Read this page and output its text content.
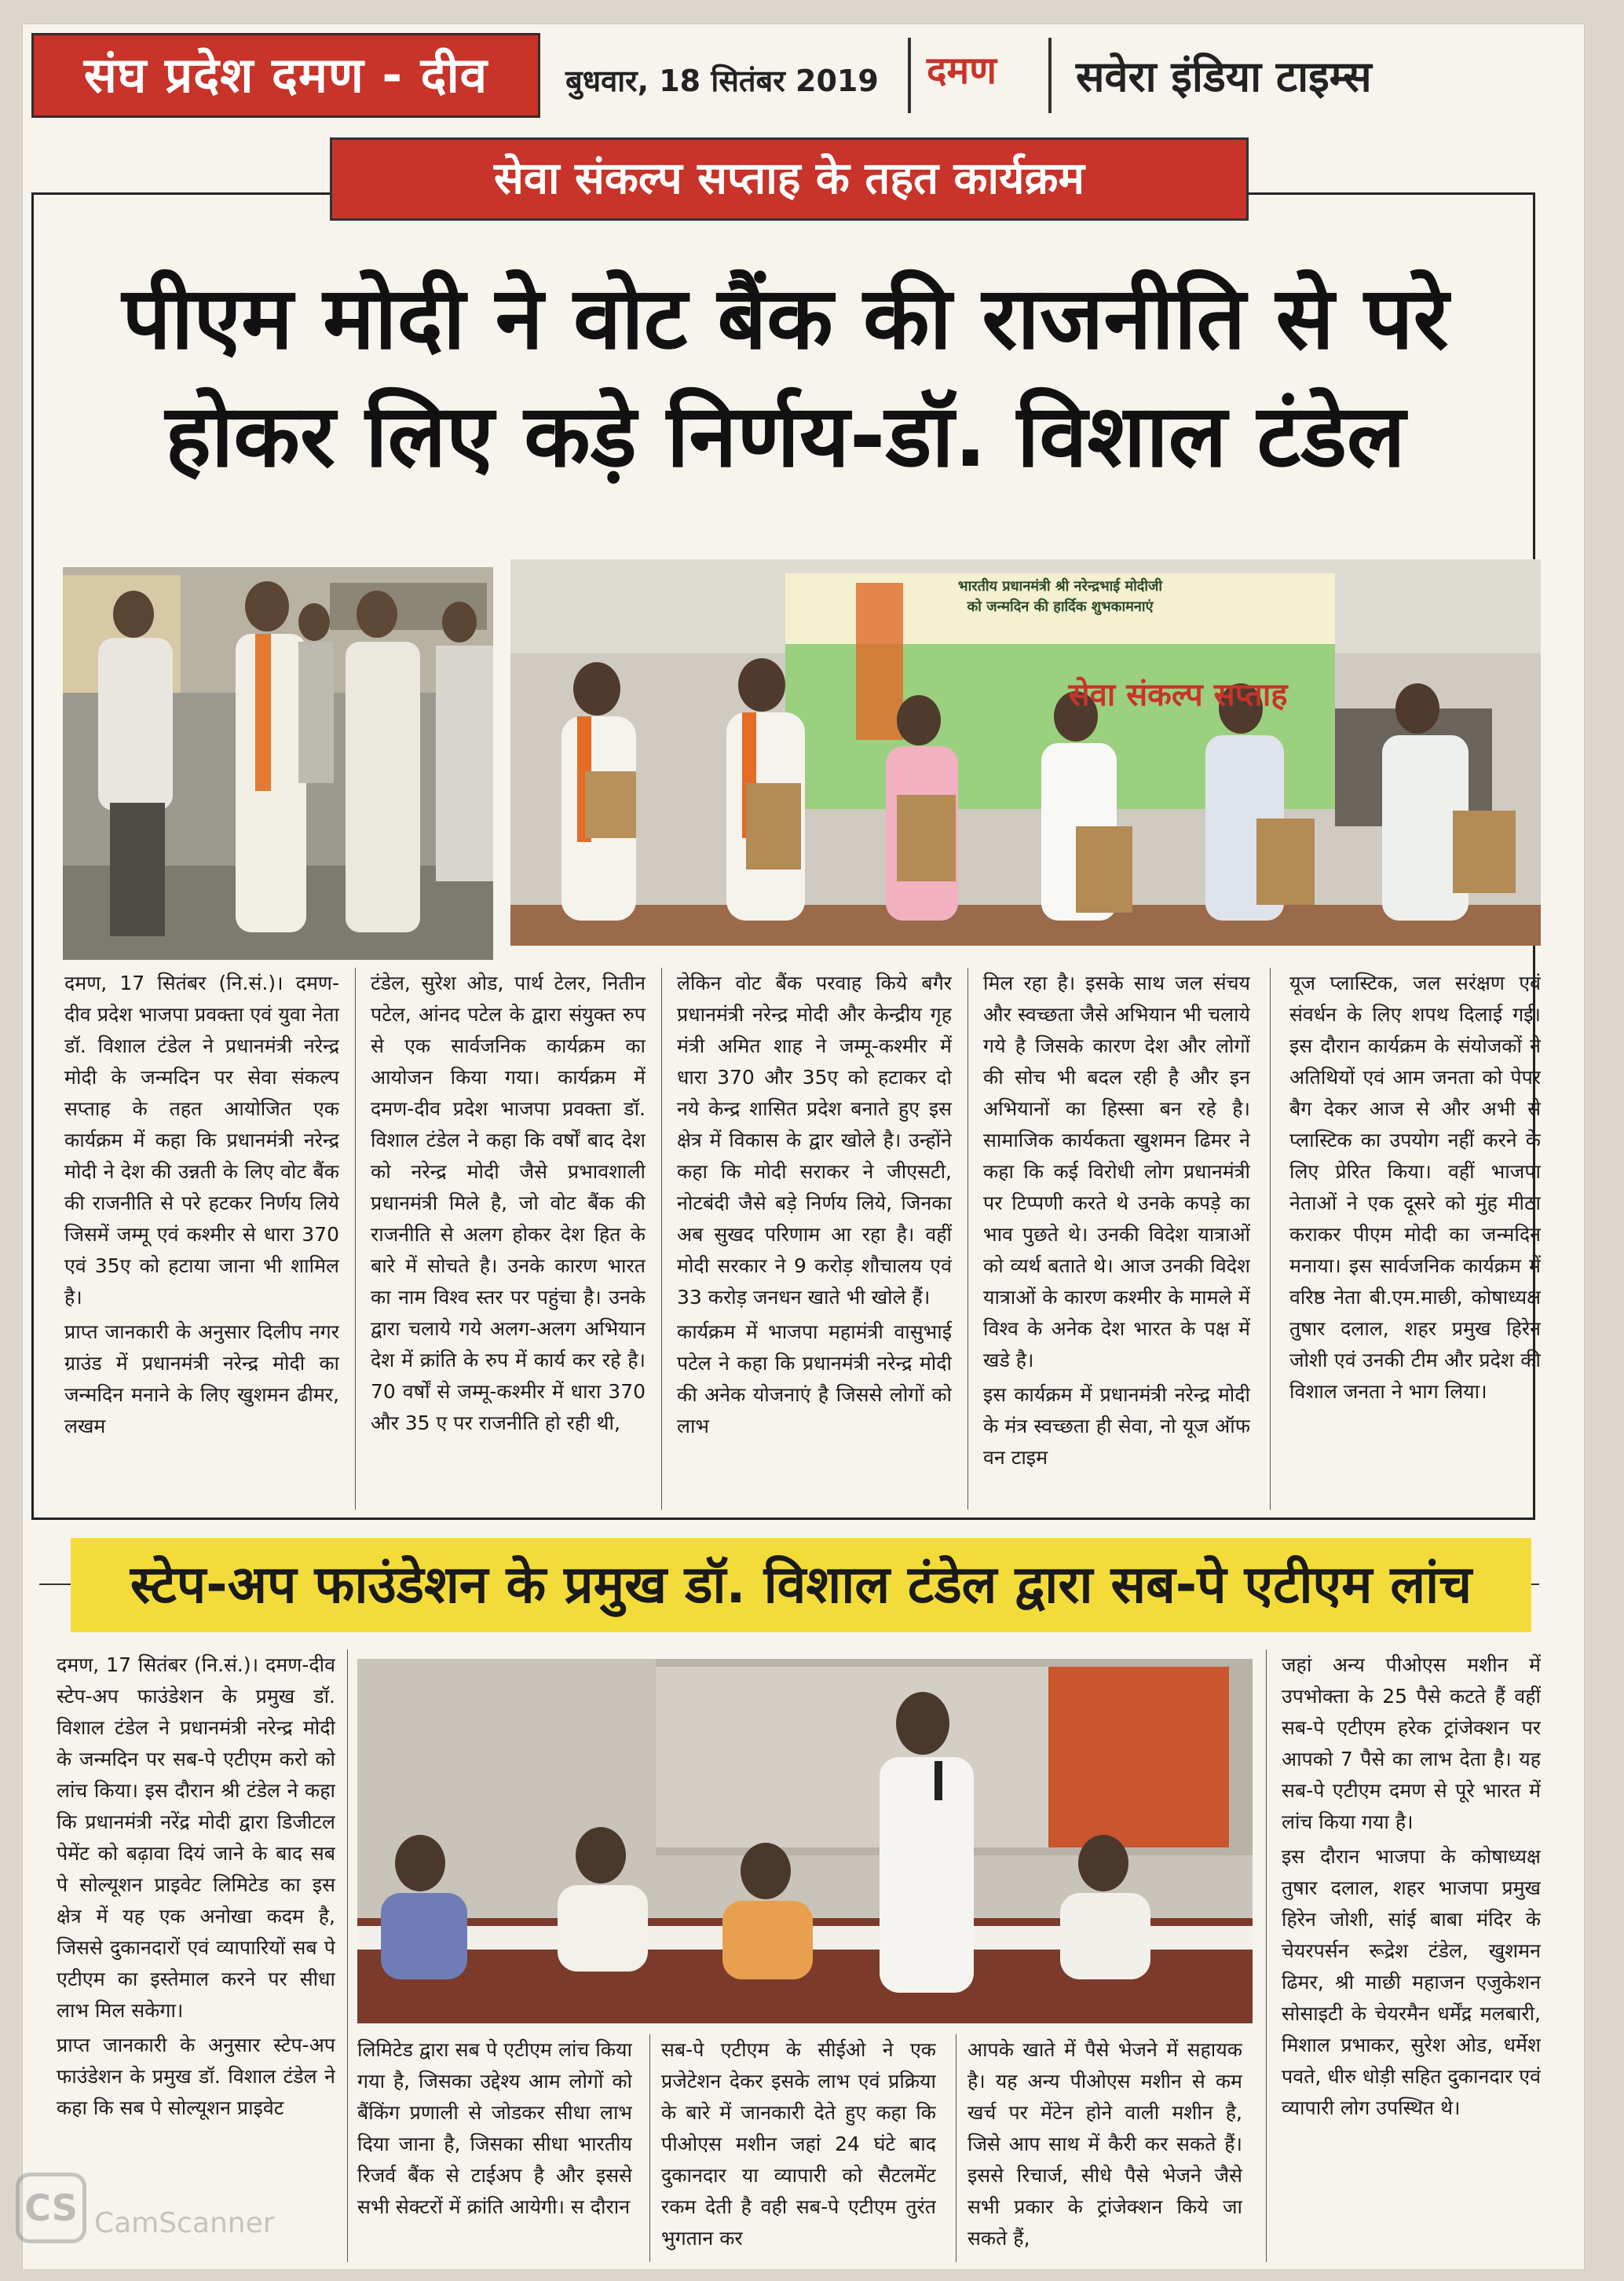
संघ प्रदेश दमण - दीव	बुधवार, 18 सितंबर 2019 दमण सवेरा इंडिया टाइम्स
सेवा संकल्प सप्ताह के तहत कार्यक्रम
पीएम मोदी ने वोट बैंक की राजनीति से परे
होकर लिए कड़े निर्णय-डॉ. विशाल टंडेल
भारतीय प्रधानमंत्री श्री नरेन्द्रभाई मोदीजी
को जन्मदिन की हार्दिक शुभकामनाएं
सेवा संकल्प सप्ताह

दमण, 17 सितंबर (नि.सं.)। दमण-दीव प्रदेश भाजपा प्रवक्ता एवं युवा नेता डॉ. विशाल टंडेल ने प्रधानमंत्री नरेन्द्र मोदी के जन्मदिन पर सेवा संकल्प सप्ताह के तहत आयोजित एक कार्यक्रम में कहा कि प्रधानमंत्री नरेन्द्र मोदी ने देश की उन्नती के लिए वोट बैंक की राजनीति से परे हटकर निर्णय लिये जिसमें जम्मू एवं कश्मीर से धारा 370 एवं 35ए को हटाया जाना भी शामिल है।

प्राप्त जानकारी के अनुसार दिलीप नगर ग्राउंड में प्रधानमंत्री नरेन्द्र मोदी का जन्मदिन मनाने के लिए खुशमन ढीमर, लखम

टंडेल, सुरेश ओड, पार्थ टेलर, नितीन पटेल, आंनद पटेल के द्वारा संयुक्त रुप से एक सार्वजनिक कार्यक्रम का आयोजन किया गया। कार्यक्रम में दमण-दीव प्रदेश भाजपा प्रवक्ता डॉ. विशाल टंडेल ने कहा कि वर्षों बाद देश को नरेन्द्र मोदी जैसे प्रभावशाली प्रधानमंत्री मिले है, जो वोट बैंक की राजनीति से अलग होकर देश हित के बारे में सोचते है। उनके कारण भारत का नाम विश्व स्तर पर पहुंचा है। उनके द्वारा चलाये गये अलग-अलग अभियान देश में क्रांति के रुप में कार्य कर रहे है। 70 वर्षों से जम्मू-कश्मीर में धारा 370 और 35 ए पर राजनीति हो रही थी,

लेकिन वोट बैंक परवाह किये बगैर प्रधानमंत्री नरेन्द्र मोदी और केन्द्रीय गृह मंत्री अमित शाह ने जम्मू-कश्मीर में धारा 370 और 35ए को हटाकर दो नये केन्द्र शासित प्रदेश बनाते हुए इस क्षेत्र में विकास के द्वार खोले है। उन्होंने कहा कि मोदी सराकर ने जीएसटी, नोटबंदी जैसे बड़े निर्णय लिये, जिनका अब सुखद परिणाम आ रहा है। वहीं मोदी सरकार ने 9 करोड़ शौचालय एवं 33 करोड़ जनधन खाते भी खोले हैं।

कार्यक्रम में भाजपा महामंत्री वासुभाई पटेल ने कहा कि प्रधानमंत्री नरेन्द्र मोदी की अनेक योजनाएं है जिससे लोगों को लाभ

मिल रहा है। इसके साथ जल संचय और स्वच्छता जैसे अभियान भी चलाये गये है जिसके कारण देश और लोगों की सोच भी बदल रही है और इन अभियानों का हिस्सा बन रहे है। सामाजिक कार्यकता खुशमन ढिमर ने कहा कि कई विरोधी लोग प्रधानमंत्री पर टिप्पणी करते थे उनके कपड़े का भाव पुछते थे। उनकी विदेश यात्राओं को व्यर्थ बताते थे। आज उनकी विदेश यात्राओं के कारण कश्मीर के मामले में विश्व के अनेक देश भारत के पक्ष में खडे है।

इस कार्यक्रम में प्रधानमंत्री नरेन्द्र मोदी के मंत्र स्वच्छता ही सेवा, नो यूज ऑफ वन टाइम

यूज प्लास्टिक, जल सरंक्षण एवं संवर्धन के लिए शपथ दिलाई गई। इस दौरान कार्यक्रम के संयोजकों ने अतिथियों एवं आम जनता को पेपर बैग देकर आज से और अभी से प्लास्टिक का उपयोग नहीं करने के लिए प्रेरित किया। वहीं भाजपा नेताओं ने एक दूसरे को मुंह मीठा कराकर पीएम मोदी का जन्मदिन मनाया। इस सार्वजनिक कार्यक्रम में वरिष्ठ नेता बी.एम.माछी, कोषाध्यक्ष तुषार दलाल, शहर प्रमुख हिरेन जोशी एवं उनकी टीम और प्रदेश की विशाल जनता ने भाग लिया।

स्टेप-अप फाउंडेशन के प्रमुख डॉ. विशाल टंडेल द्वारा सब-पे एटीएम लांच

दमण, 17 सितंबर (नि.सं.)। दमण-दीव स्टेप-अप फाउंडेशन के प्रमुख डॉ. विशाल टंडेल ने प्रधानमंत्री नरेन्द्र मोदी के जन्मदिन पर सब-पे एटीएम करो को लांच किया। इस दौरान श्री टंडेल ने कहा कि प्रधानमंत्री नरेंद्र मोदी द्वारा डिजीटल पेमेंट को बढ़ावा दियं जाने के बाद सब पे सोल्यूशन प्राइवेट लिमिटेड का इस क्षेत्र में यह एक अनोखा कदम है, जिससे दुकानदारों एवं व्यापारियों सब पे एटीएम का इस्तेमाल करने पर सीधा लाभ मिल सकेगा।

प्राप्त जानकारी के अनुसार स्टेप-अप फाउंडेशन के प्रमुख डॉ. विशाल टंडेल ने कहा कि सब पे सोल्यूशन प्राइवेट

लिमिटेड द्वारा सब पे एटीएम लांच किया गया है, जिसका उद्देश्य आम लोगों को बैंकिंग प्रणाली से जोडकर सीधा लाभ दिया जाना है, जिसका सीधा भारतीय रिजर्व बैंक से टाईअप है और इससे सभी सेक्टरों में क्रांति आयेगी। स दौरान

सब-पे एटीएम के सीईओ ने एक प्रजेटेशन देकर इसके लाभ एवं प्रक्रिया के बारे में जानकारी देते हुए कहा कि पीओएस मशीन जहां 24 घंटे बाद दुकानदार या व्यापारी को सैटलमेंट रकम देती है वही सब-पे एटीएम तुरंत भुगतान कर

आपके खाते में पैसे भेजने में सहायक है। यह अन्य पीओएस मशीन से कम खर्च पर मेंटेन होने वाली मशीन है, जिसे आप साथ में कैरी कर सकते हैं। इससे रिचार्ज, सीधे पैसे भेजने जैसे सभी प्रकार के ट्रांजेक्शन किये जा सकते हैं,

जहां अन्य पीओएस मशीन में उपभोक्ता के 25 पैसे कटते हैं वहीं सब-पे एटीएम हरेक ट्रांजेक्शन पर आपको 7 पैसे का लाभ देता है। यह सब-पे एटीएम दमण से पूरे भारत में लांच किया गया है।

इस दौरान भाजपा के कोषाध्यक्ष तुषार दलाल, शहर भाजपा प्रमुख हिरेन जोशी, सांई बाबा मंदिर के चेयरपर्सन रूद्रेश टंडेल, खुशमन ढिमर, श्री माछी महाजन एजुकेशन सोसाइटी के चेयरमैन धर्मेंद्र मलबारी, मिशाल प्रभाकर, सुरेश ओड, धर्मेश पवते, धीरु धोड़ी सहित दुकानदार एवं व्यापारी लोग उपस्थित थे।

CS CamScanner
